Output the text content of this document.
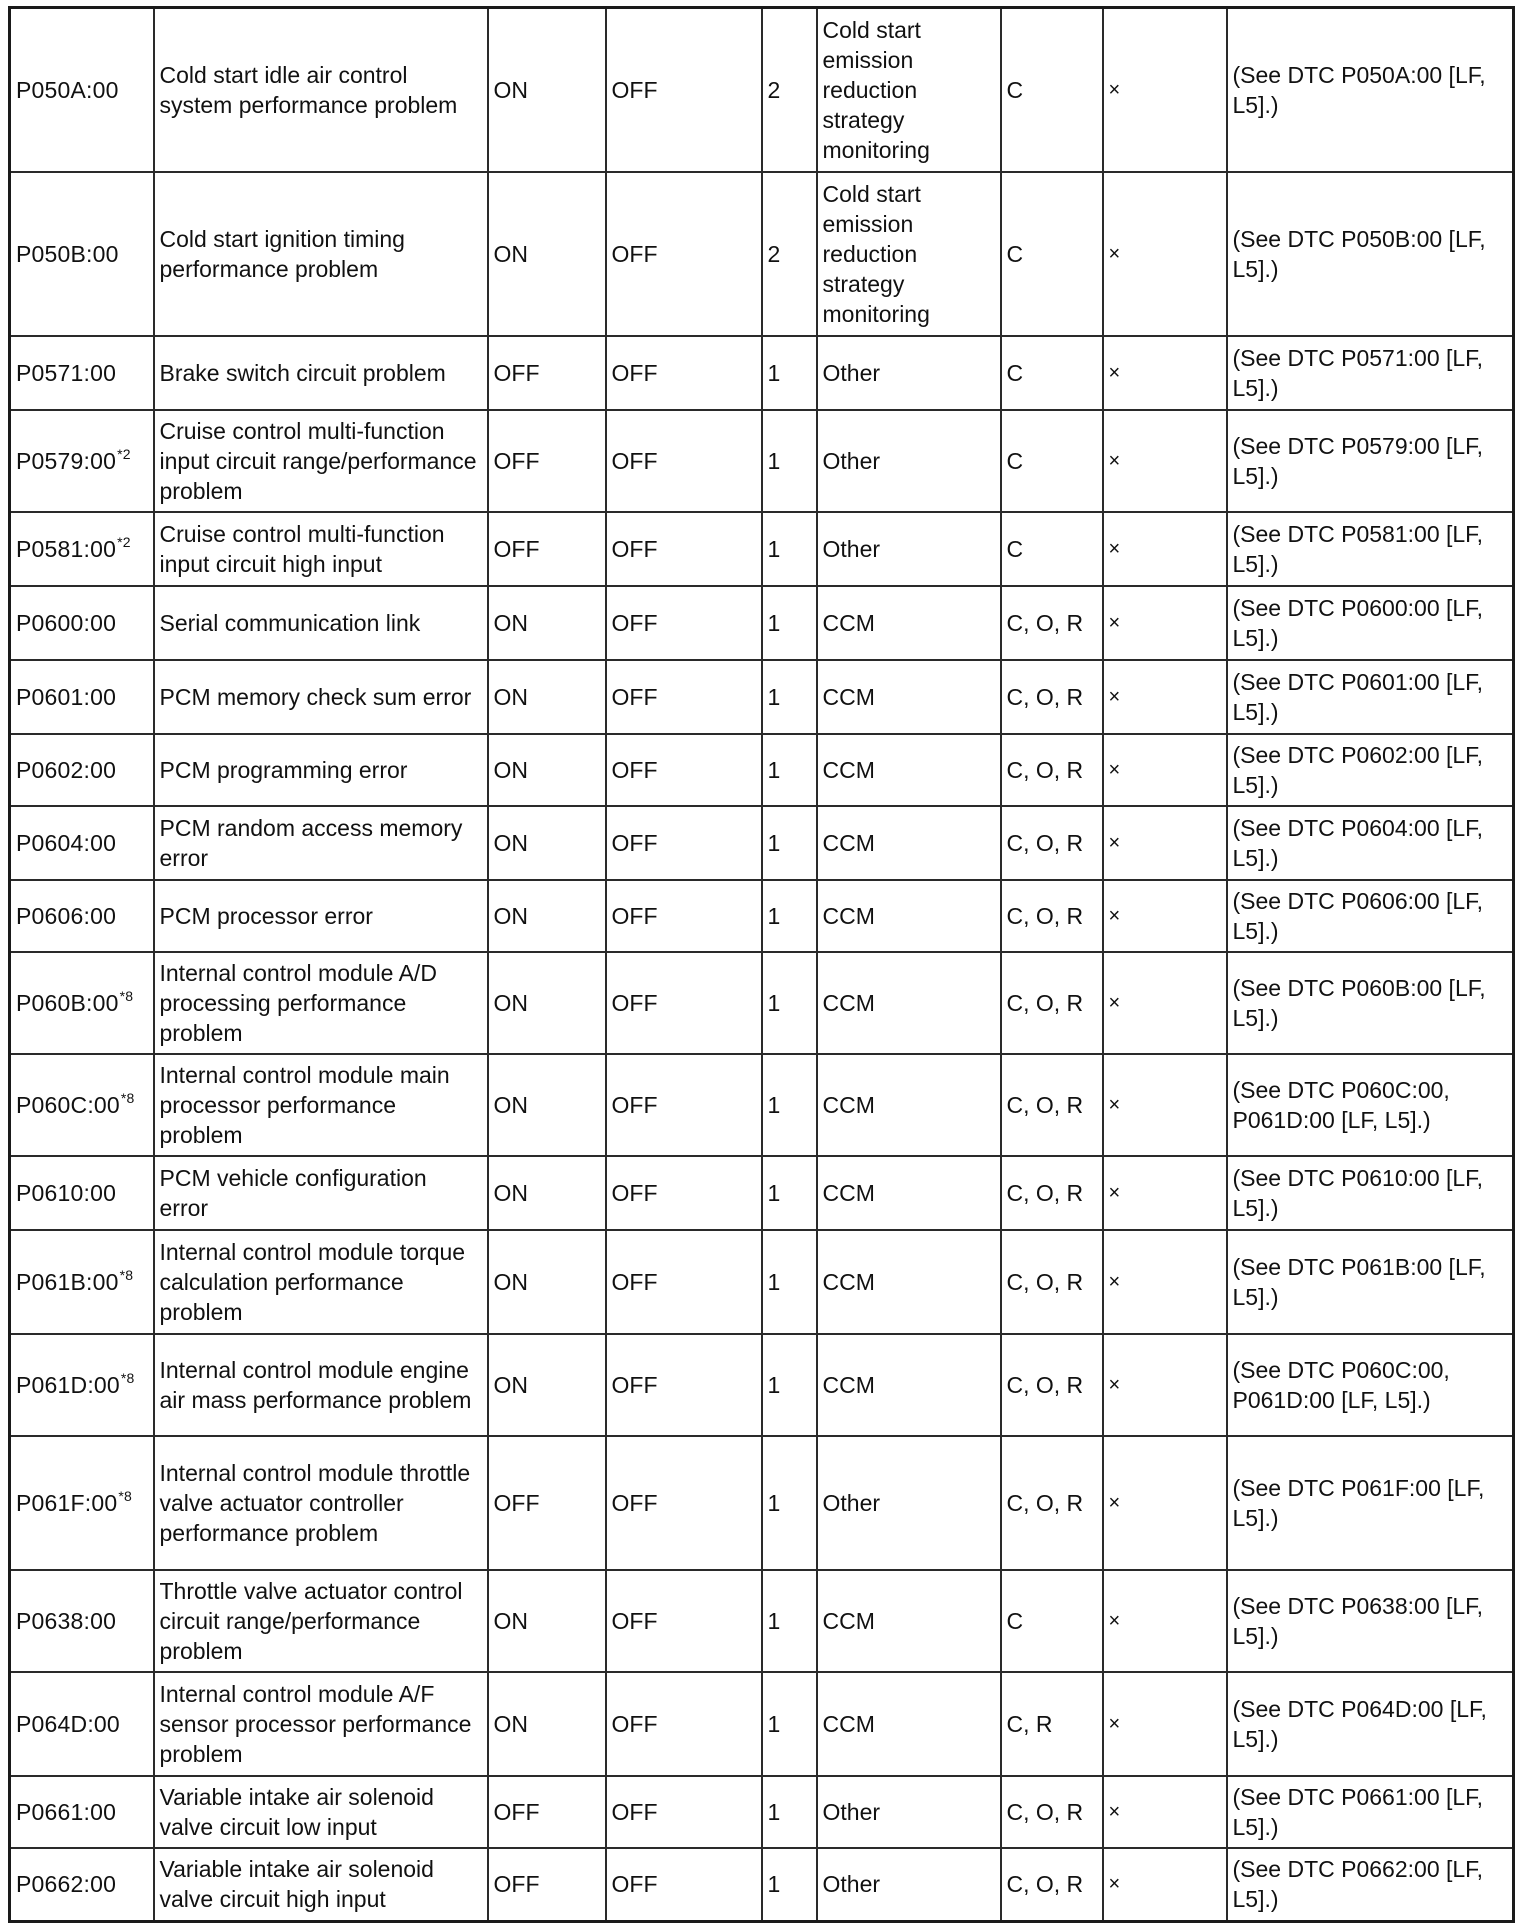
P050A:00	Cold start idle air control system performance problem	ON	OFF	2	Cold start emission reduction strategy monitoring	C	×	(See DTC P050A:00 [LF, L5].)
P050B:00	Cold start ignition timing performance problem	ON	OFF	2	Cold start emission reduction strategy monitoring	C	×	(See DTC P050B:00 [LF, L5].)
P0571:00	Brake switch circuit problem	OFF	OFF	1	Other	C	×	(See DTC P0571:00 [LF, L5].)
P0579:00$^{*2}$	Cruise control multi-function input circuit range/performance problem	OFF	OFF	1	Other	C	×	(See DTC P0579:00 [LF, L5].)
P0581:00$^{*2}$	Cruise control multi-function input circuit high input	OFF	OFF	1	Other	C	×	(See DTC P0581:00 [LF, L5].)
P0600:00	Serial communication link	ON	OFF	1	CCM	C, O, R	×	(See DTC P0600:00 [LF, L5].)
P0601:00	PCM memory check sum error	ON	OFF	1	CCM	C, O, R	×	(See DTC P0601:00 [LF, L5].)
P0602:00	PCM programming error	ON	OFF	1	CCM	C, O, R	×	(See DTC P0602:00 [LF, L5].)
P0604:00	PCM random access memory error	ON	OFF	1	CCM	C, O, R	×	(See DTC P0604:00 [LF, L5].)
P0606:00	PCM processor error	ON	OFF	1	CCM	C, O, R	×	(See DTC P0606:00 [LF, L5].)
P060B:00$^{*8}$	Internal control module A/D processing performance problem	ON	OFF	1	CCM	C, O, R	×	(See DTC P060B:00 [LF, L5].)
P060C:00$^{*8}$	Internal control module main processor performance problem	ON	OFF	1	CCM	C, O, R	×	(See DTC P060C:00, P061D:00 [LF, L5].)
P0610:00	PCM vehicle configuration error	ON	OFF	1	CCM	C, O, R	×	(See DTC P0610:00 [LF, L5].)
P061B:00$^{*8}$	Internal control module torque calculation performance problem	ON	OFF	1	CCM	C, O, R	×	(See DTC P061B:00 [LF, L5].)
P061D:00$^{*8}$	Internal control module engine air mass performance problem	ON	OFF	1	CCM	C, O, R	×	(See DTC P060C:00, P061D:00 [LF, L5].)
P061F:00$^{*8}$	Internal control module throttle valve actuator controller performance problem	OFF	OFF	1	Other	C, O, R	×	(See DTC P061F:00 [LF, L5].)
P0638:00	Throttle valve actuator control circuit range/performance problem	ON	OFF	1	CCM	C	×	(See DTC P0638:00 [LF, L5].)
P064D:00	Internal control module A/F sensor processor performance problem	ON	OFF	1	CCM	C, R	×	(See DTC P064D:00 [LF, L5].)
P0661:00	Variable intake air solenoid valve circuit low input	OFF	OFF	1	Other	C, O, R	×	(See DTC P0661:00 [LF, L5].)
P0662:00	Variable intake air solenoid valve circuit high input	OFF	OFF	1	Other	C, O, R	×	(See DTC P0662:00 [LF, L5].)
